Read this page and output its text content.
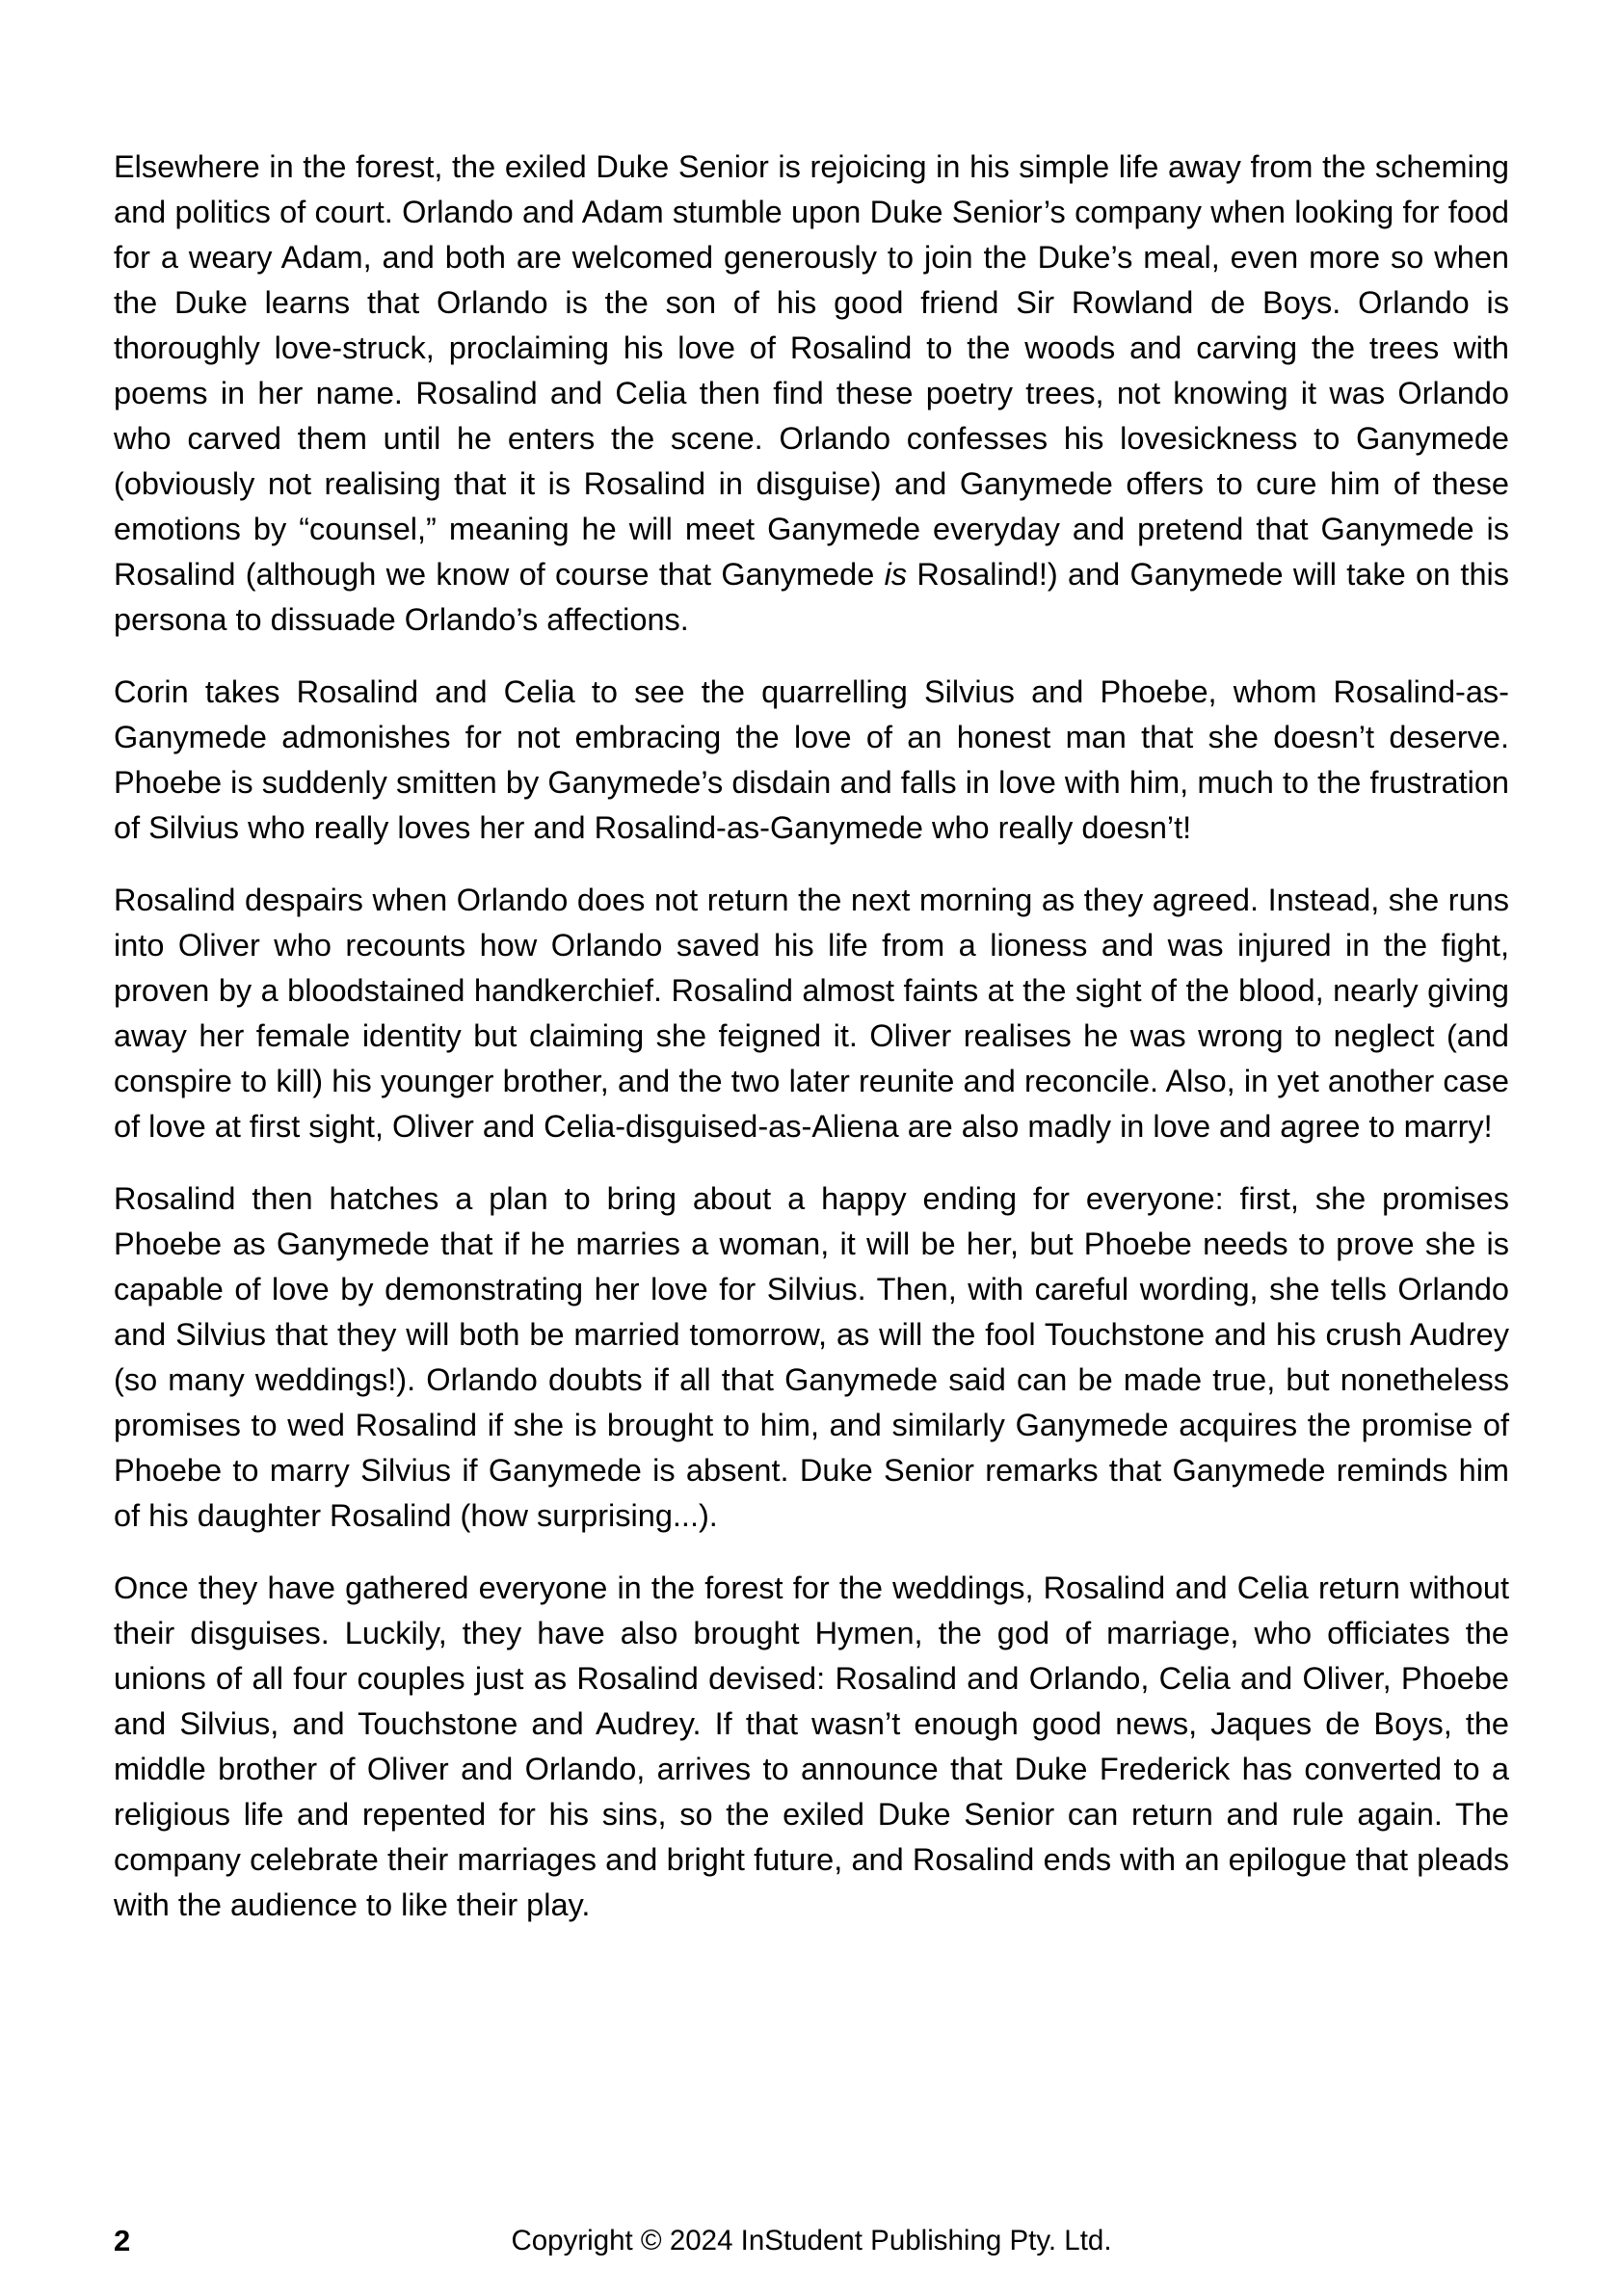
Elsewhere in the forest, the exiled Duke Senior is rejoicing in his simple life away from the scheming and politics of court. Orlando and Adam stumble upon Duke Senior’s company when looking for food for a weary Adam, and both are welcomed generously to join the Duke’s meal, even more so when the Duke learns that Orlando is the son of his good friend Sir Rowland de Boys. Orlando is thoroughly love-struck, proclaiming his love of Rosalind to the woods and carving the trees with poems in her name. Rosalind and Celia then find these poetry trees, not knowing it was Orlando who carved them until he enters the scene. Orlando confesses his lovesickness to Ganymede (obviously not realising that it is Rosalind in disguise) and Ganymede offers to cure him of these emotions by “counsel,” meaning he will meet Ganymede everyday and pretend that Ganymede is Rosalind (although we know of course that Ganymede is Rosalind!) and Ganymede will take on this persona to dissuade Orlando’s affections.

Corin takes Rosalind and Celia to see the quarrelling Silvius and Phoebe, whom Rosalind-as-Ganymede admonishes for not embracing the love of an honest man that she doesn’t deserve. Phoebe is suddenly smitten by Ganymede’s disdain and falls in love with him, much to the frustration of Silvius who really loves her and Rosalind-as-Ganymede who really doesn’t!

Rosalind despairs when Orlando does not return the next morning as they agreed. Instead, she runs into Oliver who recounts how Orlando saved his life from a lioness and was injured in the fight, proven by a bloodstained handkerchief. Rosalind almost faints at the sight of the blood, nearly giving away her female identity but claiming she feigned it. Oliver realises he was wrong to neglect (and conspire to kill) his younger brother, and the two later reunite and reconcile. Also, in yet another case of love at first sight, Oliver and Celia-disguised-as-Aliena are also madly in love and agree to marry!

Rosalind then hatches a plan to bring about a happy ending for everyone: first, she promises Phoebe as Ganymede that if he marries a woman, it will be her, but Phoebe needs to prove she is capable of love by demonstrating her love for Silvius. Then, with careful wording, she tells Orlando and Silvius that they will both be married tomorrow, as will the fool Touchstone and his crush Audrey (so many weddings!). Orlando doubts if all that Ganymede said can be made true, but nonetheless promises to wed Rosalind if she is brought to him, and similarly Ganymede acquires the promise of Phoebe to marry Silvius if Ganymede is absent. Duke Senior remarks that Ganymede reminds him of his daughter Rosalind (how surprising...).

Once they have gathered everyone in the forest for the weddings, Rosalind and Celia return without their disguises. Luckily, they have also brought Hymen, the god of marriage, who officiates the unions of all four couples just as Rosalind devised: Rosalind and Orlando, Celia and Oliver, Phoebe and Silvius, and Touchstone and Audrey. If that wasn’t enough good news, Jaques de Boys, the middle brother of Oliver and Orlando, arrives to announce that Duke Frederick has converted to a religious life and repented for his sins, so the exiled Duke Senior can return and rule again. The company celebrate their marriages and bright future, and Rosalind ends with an epilogue that pleads with the audience to like their play.

2	Copyright © 2024 InStudent Publishing Pty. Ltd.
